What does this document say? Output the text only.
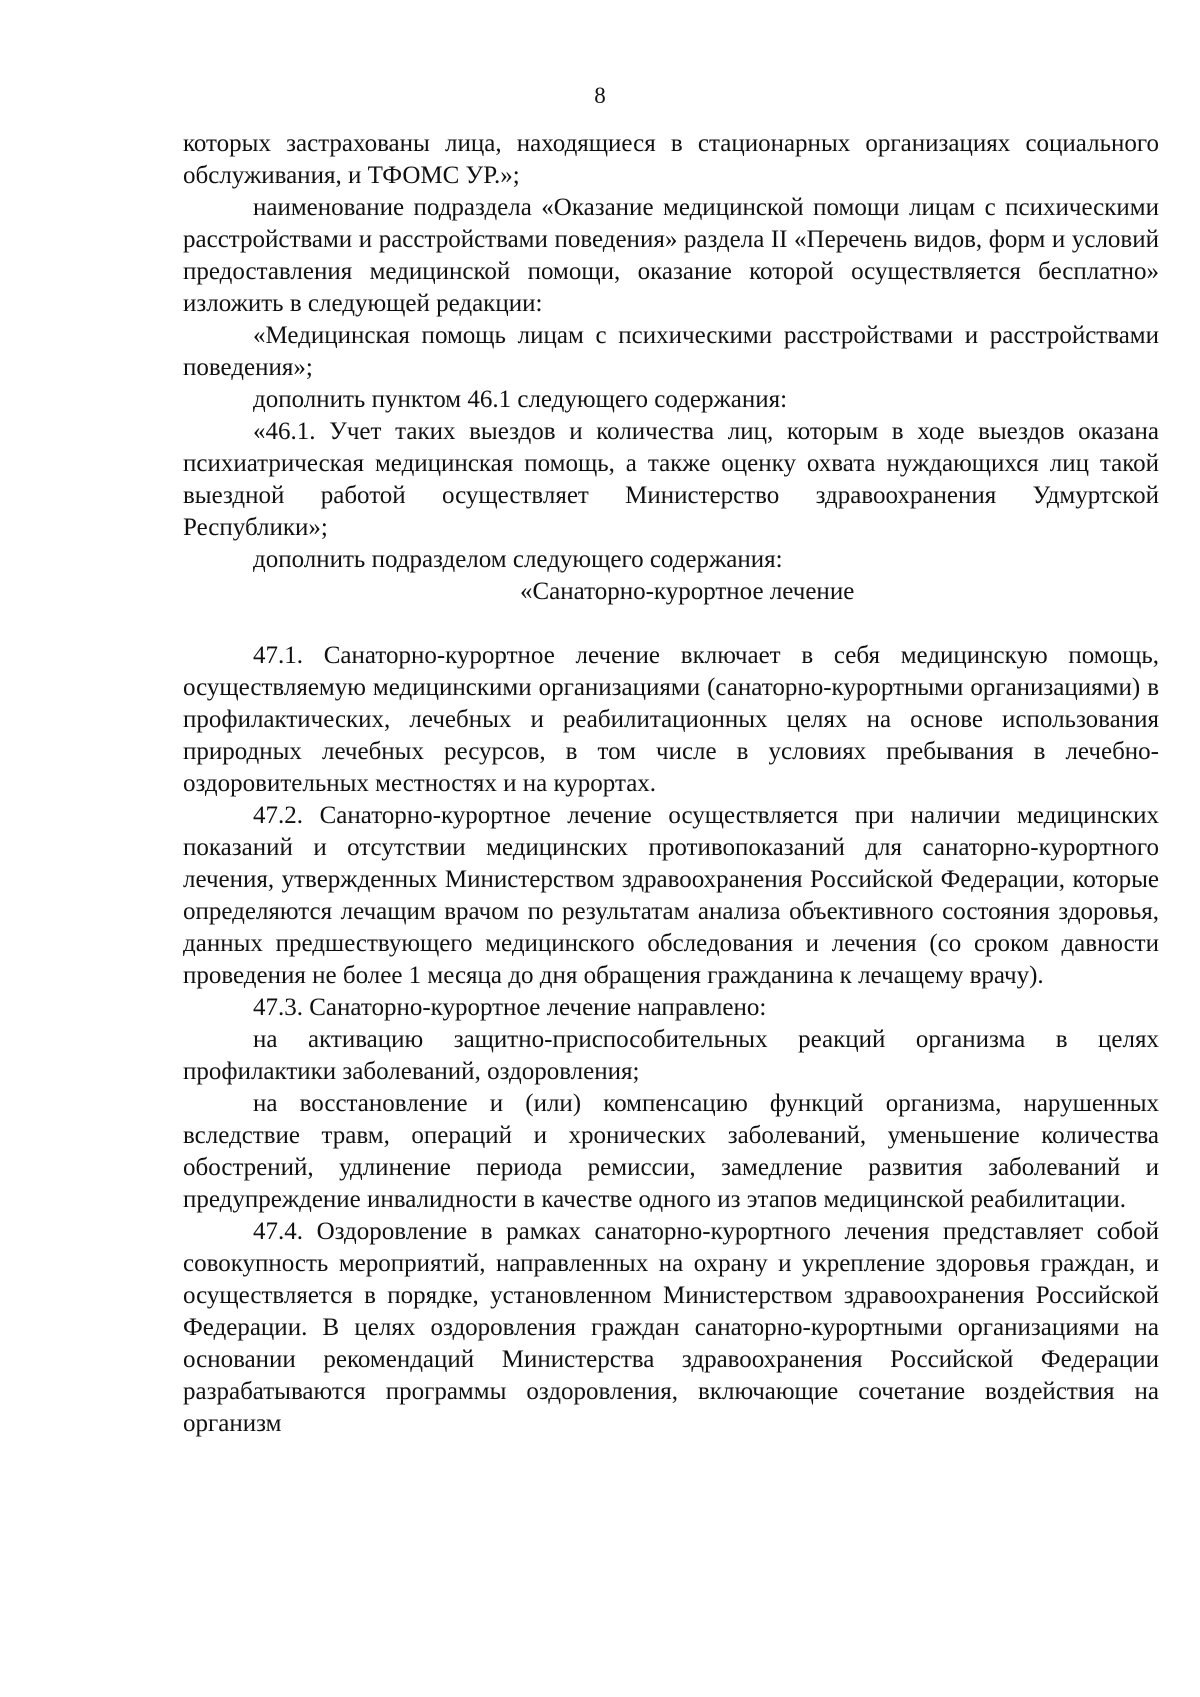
8

которых застрахованы лица, находящиеся в стационарных организациях социального обслуживания, и ТФОМС УР.»;

наименование подраздела «Оказание медицинской помощи лицам с психическими расстройствами и расстройствами поведения» раздела II «Перечень видов, форм и условий предоставления медицинской помощи, оказание которой осуществляется бесплатно» изложить в следующей редакции:

«Медицинская помощь лицам с психическими расстройствами и расстройствами поведения»;

дополнить пунктом 46.1 следующего содержания:

«46.1. Учет таких выездов и количества лиц, которым в ходе выездов оказана психиатрическая медицинская помощь, а также оценку охвата нуждающихся лиц такой выездной работой осуществляет Министерство здравоохранения Удмуртской Республики»;

дополнить подразделом следующего содержания:

«Санаторно-курортное лечение

47.1. Санаторно-курортное лечение включает в себя медицинскую помощь, осуществляемую медицинскими организациями (санаторно-курортными организациями) в профилактических, лечебных и реабилитационных целях на основе использования природных лечебных ресурсов, в том числе в условиях пребывания в лечебно-оздоровительных местностях и на курортах.

47.2. Санаторно-курортное лечение осуществляется при наличии медицинских показаний и отсутствии медицинских противопоказаний для санаторно-курортного лечения, утвержденных Министерством здравоохранения Российской Федерации, которые определяются лечащим врачом по результатам анализа объективного состояния здоровья, данных предшествующего медицинского обследования и лечения (со сроком давности проведения не более 1 месяца до дня обращения гражданина к лечащему врачу).

47.3. Санаторно-курортное лечение направлено:

на активацию защитно-приспособительных реакций организма в целях профилактики заболеваний, оздоровления;

на восстановление и (или) компенсацию функций организма, нарушенных вследствие травм, операций и хронических заболеваний, уменьшение количества обострений, удлинение периода ремиссии, замедление развития заболеваний и предупреждение инвалидности в качестве одного из этапов медицинской реабилитации.

47.4. Оздоровление в рамках санаторно-курортного лечения представляет собой совокупность мероприятий, направленных на охрану и укрепление здоровья граждан, и осуществляется в порядке, установленном Министерством здравоохранения Российской Федерации. В целях оздоровления граждан санаторно-курортными организациями на основании рекомендаций Министерства здравоохранения Российской Федерации разрабатываются программы оздоровления, включающие сочетание воздействия на организм
